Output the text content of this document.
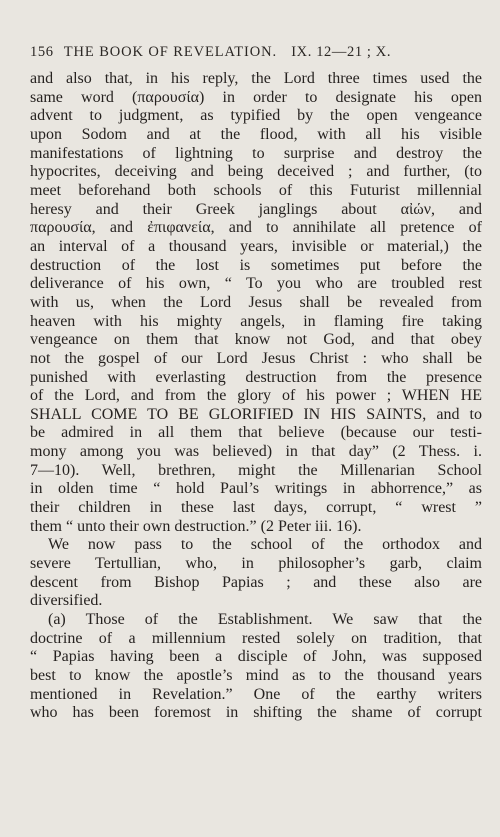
156 THE BOOK OF REVELATION. IX. 12—21 ; X.
and also that, in his reply, the Lord three times used the
same word (παρουσία) in order to designate his open
advent to judgment, as typified by the open vengeance
upon Sodom and at the flood, with all his visible
manifestations of lightning to surprise and destroy the
hypocrites, deceiving and being deceived ; and further, (to
meet beforehand both schools of this Futurist millennial
heresy and their Greek janglings about αἰών, and
παρουσία, and ἐπιφανεία, and to annihilate all pretence of
an interval of a thousand years, invisible or material,) the
destruction of the lost is sometimes put before the
deliverance of his own, “ To you who are troubled rest
with us, when the Lord Jesus shall be revealed from
heaven with his mighty angels, in flaming fire taking
vengeance on them that know not God, and that obey
not the gospel of our Lord Jesus Christ : who shall be
punished with everlasting destruction from the presence
of the Lord, and from the glory of his power ; WHEN HE
SHALL COME TO BE GLORIFIED IN HIS SAINTS, and to
be admired in all them that believe (because our testi-
mony among you was believed) in that day” (2 Thess. i.
7—10). Well, brethren, might the Millenarian School
in olden time “ hold Paul’s writings in abhorrence,” as
their children in these last days, corrupt, “ wrest ”
them “ unto their own destruction.” (2 Peter iii. 16).
We now pass to the school of the orthodox and
severe Tertullian, who, in philosopher’s garb, claim
descent from Bishop Papias ; and these also are
diversified.
(a) Those of the Establishment. We saw that the
doctrine of a millennium rested solely on tradition, that
“ Papias having been a disciple of John, was supposed
best to know the apostle’s mind as to the thousand years
mentioned in Revelation.” One of the earthy writers
who has been foremost in shifting the shame of corrupt
